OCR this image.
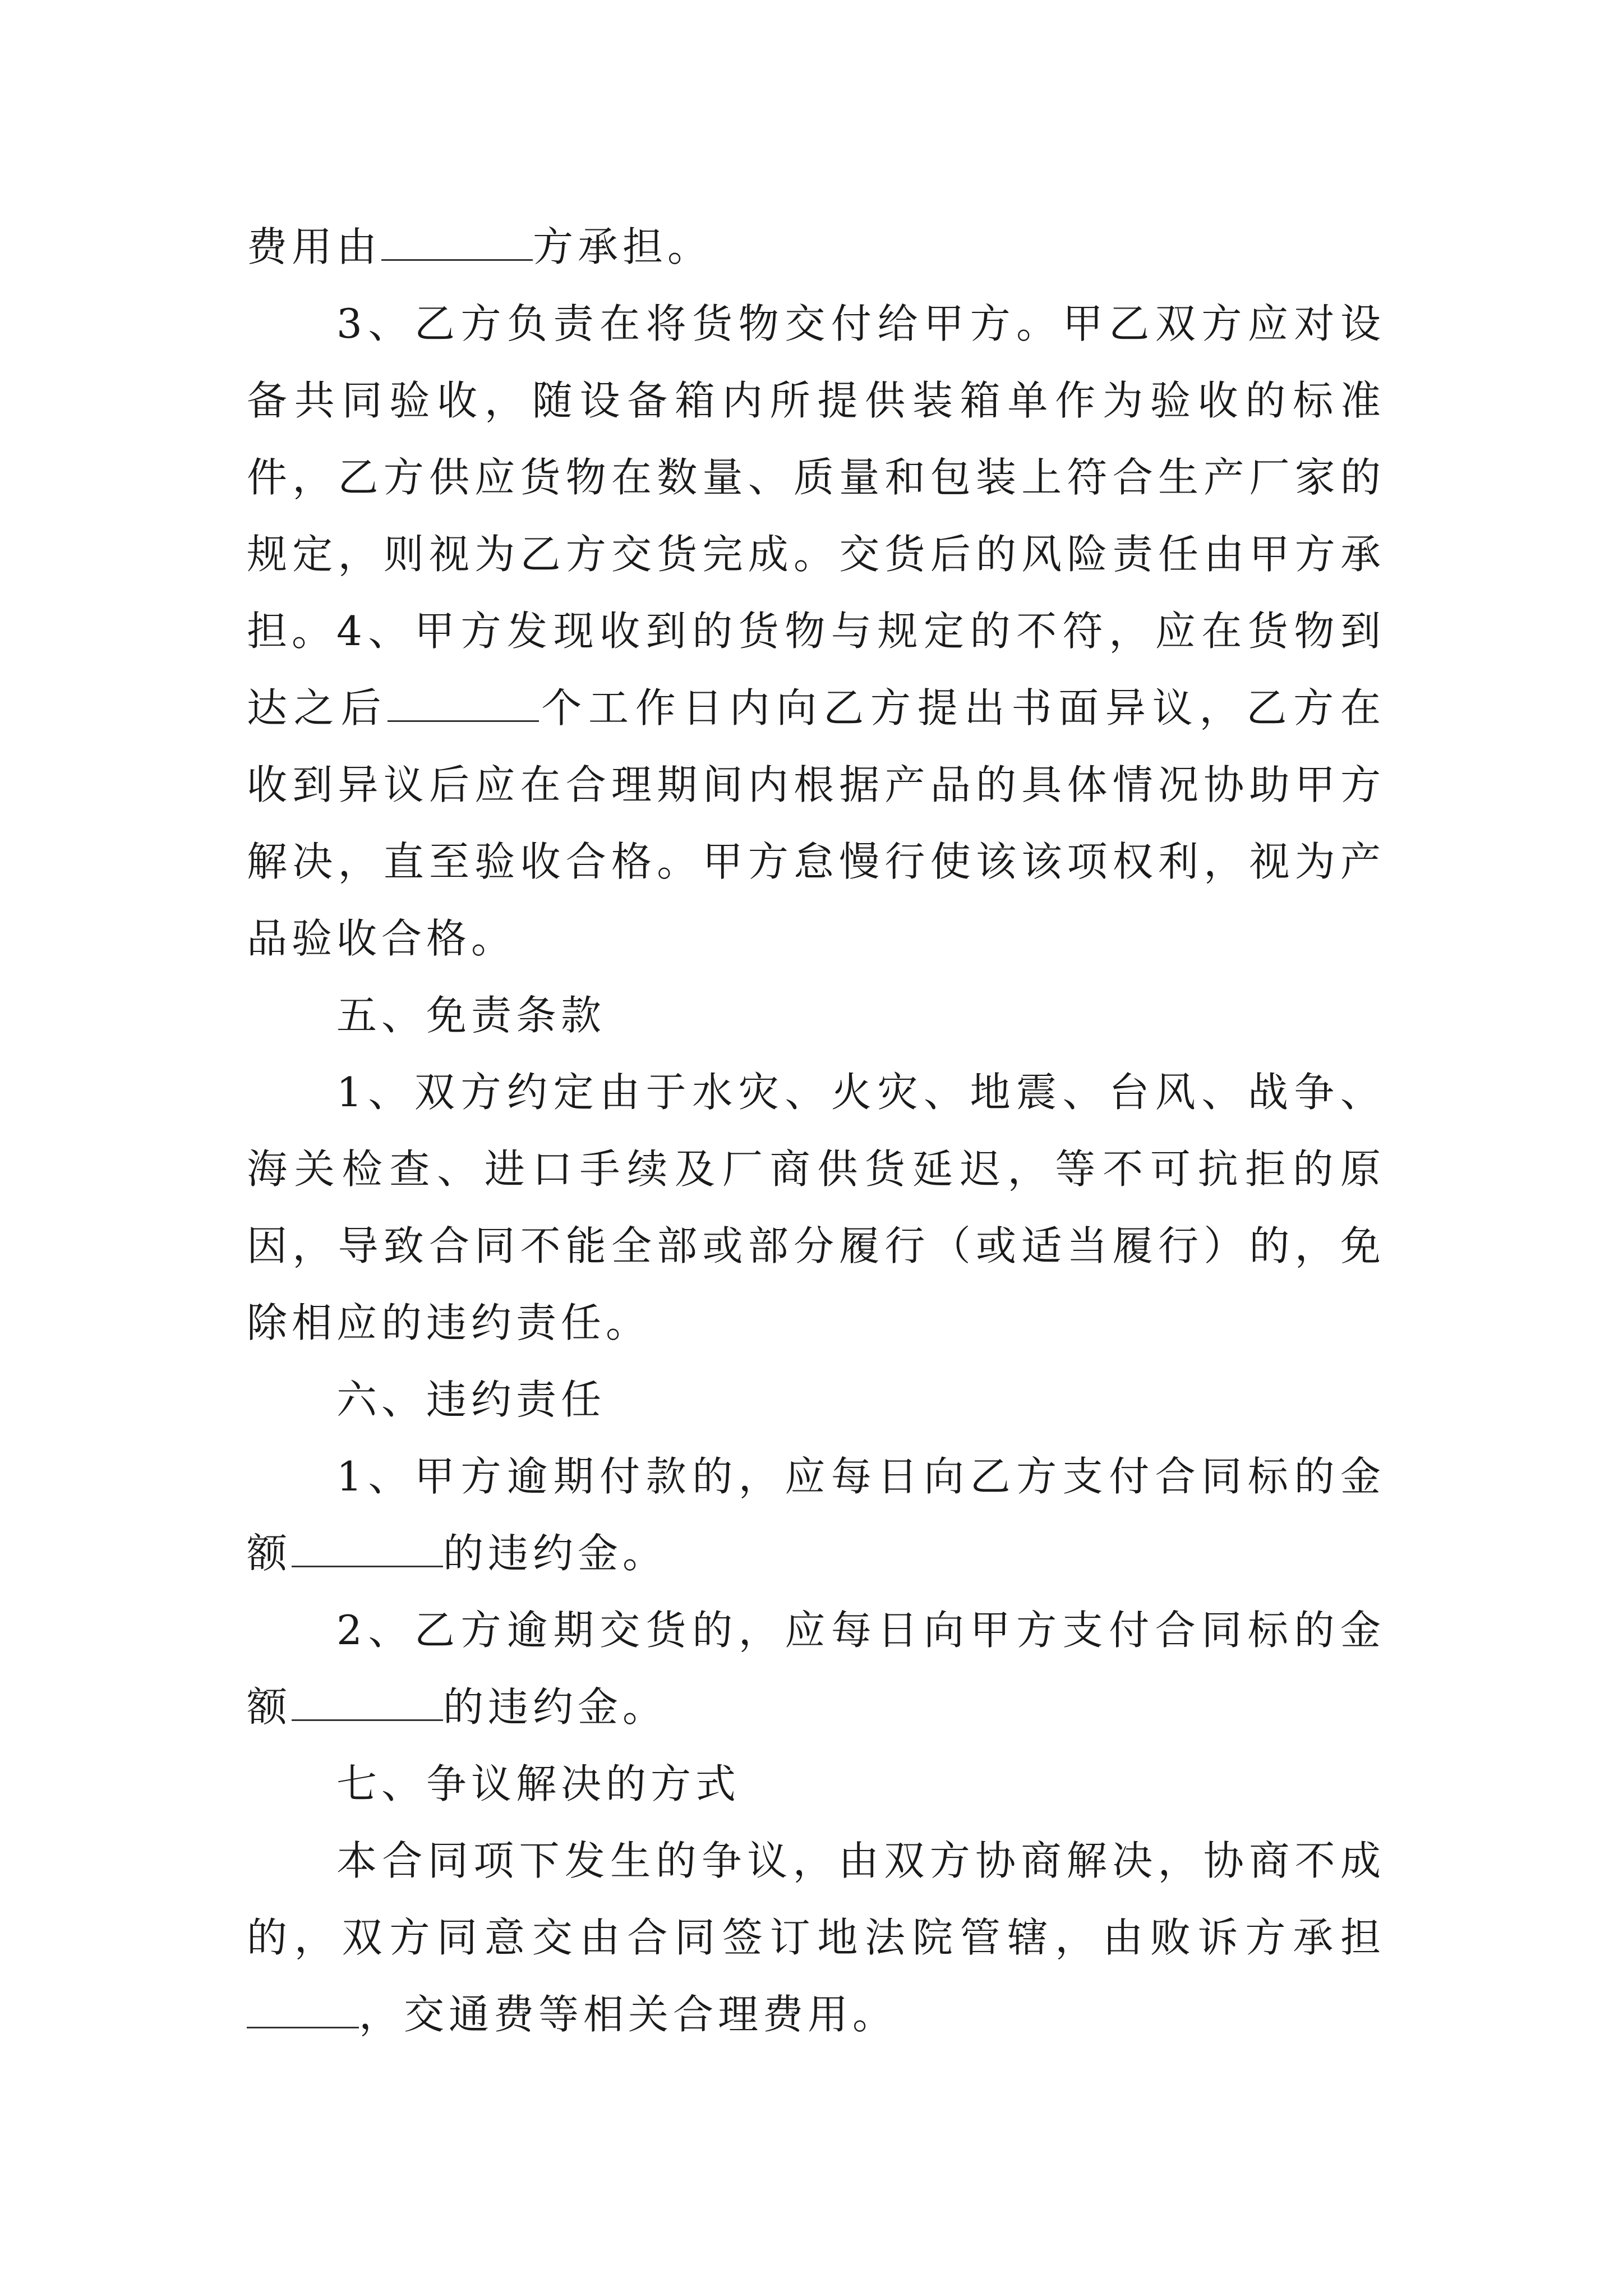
费用由	方承担。

3、乙方负责在将货物交付给甲方。甲乙双方应对设备共同验收，随设备箱内所提供装箱单作为验收的标准件，乙方供应货物在数量、质量和包装上符合生产厂家的规定，则视为乙方交货完成。交货后的风险责任由甲方承担。 4、甲方发现收到的货物与规定的不符，应在货物到达之后	个工作日内向乙方提出书面异议，乙方在收到异议后应在合理期间内根据产品的具体情况协助甲方解决，直至验收合格。甲方怠慢行使该该项权利，视为产品验收合格。

五、免责条款

1、双方约定由于水灾、火灾、地震、台风、战争、海关检查、进口手续及厂商供货延迟，等不可抗拒的原因，导致合同不能全部或部分履行（或适当履行）的，免除相应的违约责任。

六、违约责任

1、甲方逾期付款的，应每日向乙方支付合同标的金额	的违约金。

2、乙方逾期交货的，应每日向甲方支付合同标的金额	的违约金。

七、争议解决的方式

本合同项下发生的争议，由双方协商解决，协商不成的，双方同意交由合同签订地法院管辖，由败诉方承担，交通费等相关合理费用。
